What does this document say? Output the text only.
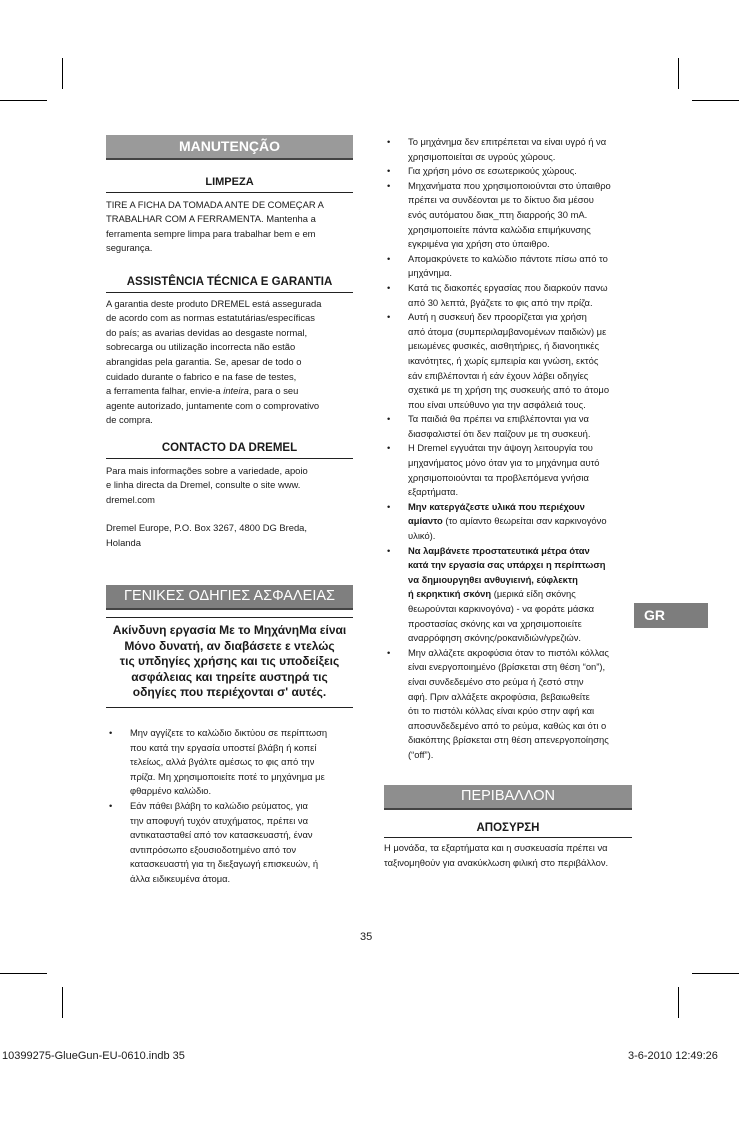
MANUTENÇÃO
LIMPEZA

TIRE A FICHA DA TOMADA ANTE DE COMEÇAR A

TRABALHAR COM A FERRAMENTA. Mantenha a

ferramenta sempre limpa para trabalhar bem e em

segurança.

ASSISTÊNCIA TÉCNICA E GARANTIA

A garantia deste produto DREMEL está assegurada

de acordo com as normas estatutárias/específicas

do país; as avarias devidas ao desgaste normal,

sobrecarga ou utilização incorrecta não estão

abrangidas pela garantia. Se, apesar de todo o

cuidado durante o fabrico e na fase de testes,

a ferramenta falhar, envie-a inteira, para o seu

agente autorizado, juntamente com o comprovativo

de compra.

CONTACTO DA DREMEL

Para mais informações sobre a variedade, apoio

e linha directa da Dremel, consulte o site www.

dremel.com

Dremel Europe, P.O. Box 3267, 4800 DG Breda,

Holanda

ΓΕΝΙΚΕΣ ΟΔΗΓΙΕΣ ΑΣΦΑΛΕΙΑΣ

Ακίνδυνη εργασία Με το ΜηχάνηΜα είναι

Μόνο δυνατή, αν διαβάσετε ε ντελώς

τις υπδηγίες χρήσης και τις υποδείξεις

ασφάλειας και τηρείτε αυστηρά τις

οδηγίες που περιέχονται σ' αυτές.

• Μην αγγίζετε το καλώδιο δικτύου σε περίπτωση

που κατά την εργασία υποστεί βλάβη ή κοπεί

τελείως, αλλά βγάλτε αμέσως το φις από την

πρίζα. Μη χρησιμοποιείτε ποτέ το μηχάνημα με

φθαρμένο καλώδιο.

• Εάν πάθει βλάβη το καλώδιο ρεύματος, για

την αποφυγή τυχόν ατυχήματος, πρέπει να

αντικατασταθεί από τον κατασκευαστή, έναν

αντιπρόσωπο εξουσιοδοτημένο από τον

κατασκευαστή για τη διεξαγωγή επισκευών, ή

άλλα ειδικευμένα άτομα.

• Το μηχάνημα δεν επιτρέπεται να είναι υγρό ή να

χρησιμοποιείται σε υγρούς χώρους.

• Για χρήση μόνο σε εσωτερικούς χώρους.

• Μηχανήματα που χρησιμοποιούνται στο ύπαιθρο

πρέπει να συνδέονται με το δίκτυο δια μέσου

ενός αυτόματου διακ_πτη διαρροής 30 mA.

χρησιμοποιείτε πάντα καλώδια επιμήκυνσης

εγκριμένα για χρήση στο ύπαιθρο.

• Απομακρύνετε το καλώδιο πάντοτε πίσω από το

μηχάνημα.

• Κατά τις διακοπές εργασίας που διαρκούν πανω

από 30 λεπτά, βγάζετε το φις από την πρίζα.

• Αυτή η συσκευή δεν προορίζεται για χρήση

από άτομα (συμπεριλαμβανομένων παιδιών) με

μειωμένες φυσικές, αισθητήριες, ή διανοητικές

ικανότητες, ή χωρίς εμπειρία και γνώση, εκτός

εάν επιβλέπονται ή εάν έχουν λάβει οδηγίες

σχετικά με τη χρήση της συσκευής από το άτομο

που είναι υπεύθυνο για την ασφάλειά τους.

• Τα παιδιά θα πρέπει να επιβλέπονται για να

διασφαλιστεί ότι δεν παίζουν με τη συσκευή.

• Η Dremel εγγυάται την άψογη λειτουργία του

μηχανήματος μόνο όταν για το μηχάνημα αυτό

χρησιμοποιούνται τα προβλεπόμενα γνήσια

εξαρτήματα.

• Μην κατεργάζεστε υλικά που περιέχουν

αμίαντο (το αμίαντο θεωρείται σαν καρκινογόνο

υλικό).

• Να λαμβάνετε προστατευτικά μέτρα όταν

κατά την εργασία σας υπάρχει η περίπτωση

να δημιουργηθει ανθυγιεινή, εύφλεκτη

ή εκρηκτική σκόνη (μερικά είδη σκόνης

θεωρούνται καρκινογόνα) - να φοράτε μάσκα

προστασίας σκόνης και να χρησιμοποιείτε

αναρρόφηση σκόνης/ροκανιδιών/γρεζιών.

• Μην αλλάζετε ακροφύσια όταν το πιστόλι κόλλας

είναι ενεργοποιημένο (βρίσκεται στη θέση “on”),

είναι συνδεδεμένο στο ρεύμα ή ζεστό στην

αφή. Πριν αλλάξετε ακροφύσια, βεβαιωθείτε

ότι το πιστόλι κόλλας είναι κρύο στην αφή και

αποσυνδεδεμένο από το ρεύμα, καθώς και ότι ο

διακόπτης βρίσκεται στη θέση απενεργοποίησης

(“off”).

ΠΕΡΙΒΑΛΛΟΝ
ΑΠΟΣΥΡΣΗ

Η μονάδα, τα εξαρτήματα και η συσκευασία πρέπει να

ταξινομηθούν για ανακύκλωση φιλική στο περιβάλλον.

GR
35
10399275-GlueGun-EU-0610.indb 35	3-6-2010 12:49:26
